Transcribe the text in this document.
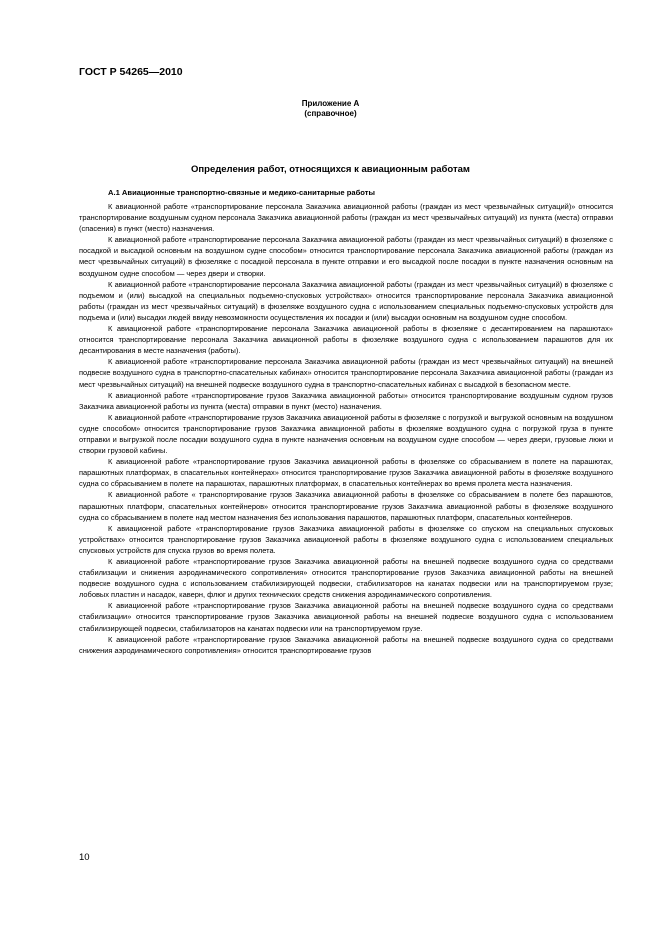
ГОСТ Р 54265—2010
Приложение А
(справочное)
Определения работ, относящихся к авиационным работам
А.1 Авиационные транспортно-связные и медико-санитарные работы

К авиационной работе «транспортирование персонала Заказчика авиационной работы (граждан из мест чрезвычайных ситуаций)» относится транспортирование воздушным судном персонала Заказчика авиационной работы (граждан из мест чрезвычайных ситуаций) из пункта (места) отправки (спасения) в пункт (место) назначения.

К авиационной работе «транспортирование персонала Заказчика авиационной работы (граждан из мест чрезвычайных ситуаций) в фюзеляже с посадкой и высадкой основным на воздушном судне способом» относится транспортирование персонала Заказчика авиационной работы (граждан из мест чрезвычайных ситуаций) в фюзеляже с посадкой персонала в пункте отправки и его высадкой после посадки в пункте назначения основным на воздушном судне способом — через двери и створки.

К авиационной работе «транспортирование персонала Заказчика авиационной работы (граждан из мест чрезвычайных ситуаций) в фюзеляже с подъемом и (или) высадкой на специальных подъемно-спусковых устройствах» относится транспортирование персонала Заказчика авиационной работы (граждан из мест чрезвычайных ситуаций) в фюзеляже воздушного судна с использованием специальных подъемно-спусковых устройств для подъема и (или) высадки людей ввиду невозможности осуществления их посадки и (или) высадки основным на воздушном судне способом.

К авиационной работе «транспортирование персонала Заказчика авиационной работы в фюзеляже с десантированием на парашютах» относится транспортирование персонала Заказчика авиационной работы в фюзеляже воздушного судна с использованием парашютов для их десантирования в месте назначения (работы).

К авиационной работе «транспортирование персонала Заказчика авиационной работы (граждан из мест чрезвычайных ситуаций) на внешней подвеске воздушного судна в транспортно-спасательных кабинах» относится транспортирование персонала Заказчика авиационной работы (граждан из мест чрезвычайных ситуаций) на внешней подвеске воздушного судна в транспортно-спасательных кабинах с высадкой в безопасном месте.

К авиационной работе «транспортирование грузов Заказчика авиационной работы» относится транспортирование воздушным судном грузов Заказчика авиационной работы из пункта (места) отправки в пункт (место) назначения.

К авиационной работе «транспортирование грузов Заказчика авиационной работы в фюзеляже с погрузкой и выгрузкой основным на воздушном судне способом» относится транспортирование грузов Заказчика авиационной работы в фюзеляже воздушного судна с погрузкой груза в пункте отправки и выгрузкой после посадки воздушного судна в пункте назначения основным на воздушном судне способом — через двери, грузовые люки и створки грузовой кабины.

К авиационной работе «транспортирование грузов Заказчика авиационной работы в фюзеляже со сбрасыванием в полете на парашютах, парашютных платформах, в спасательных контейнерах» относится транспортирование грузов Заказчика авиационной работы в фюзеляже воздушного судна со сбрасыванием в полете на парашютах, парашютных платформах, в спасательных контейнерах во время пролета места назначения.

К авиационной работе « транспортирование грузов Заказчика авиационной работы в фюзеляже со сбрасыванием в полете без парашютов, парашютных платформ, спасательных контейнеров» относится транспортирование грузов Заказчика авиационной работы в фюзеляже воздушного судна со сбрасыванием в полете над местом назначения без использования парашютов, парашютных платформ, спасательных контейнеров.

К авиационной работе «транспортирование грузов Заказчика авиационной работы в фюзеляже со спуском на специальных спусковых устройствах» относится транспортирование грузов Заказчика авиационной работы в фюзеляже воздушного судна с использованием специальных спусковых устройств для спуска грузов во время полета.

К авиационной работе «транспортирование грузов Заказчика авиационной работы на внешней подвеске воздушного судна со средствами стабилизации и снижения аэродинамического сопротивления» относится транспортирование грузов Заказчика авиационной работы на внешней подвеске воздушного судна с использованием стабилизирующей подвески, стабилизаторов на канатах подвески или на транспортируемом грузе; лобовых пластин и насадок, каверн, флюг и других технических средств снижения аэродинамического сопротивления.

К авиационной работе «транспортирование грузов Заказчика авиационной работы на внешней подвеске воздушного судна со средствами стабилизации» относится транспортирование грузов Заказчика авиационной работы на внешней подвеске воздушного судна с использованием стабилизирующей подвески, стабилизаторов на канатах подвески или на транспортируемом грузе.

К авиационной работе «транспортирование грузов Заказчика авиационной работы на внешней подвеске воздушного судна со средствами снижения аэродинамического сопротивления» относится транспортирование грузов

10
